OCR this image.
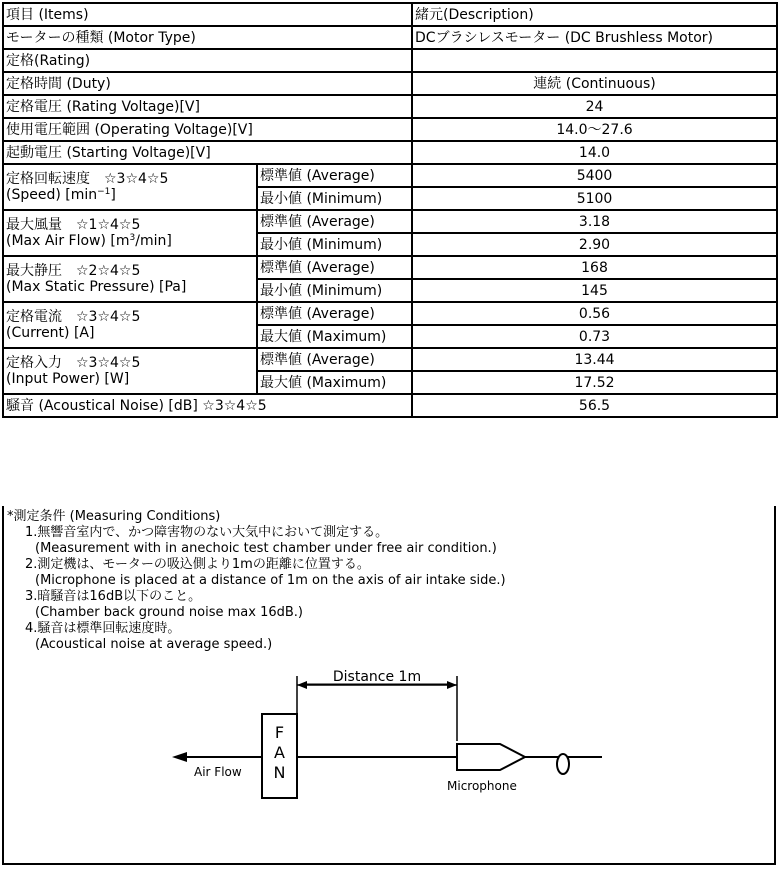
項目 (Items)		緒元(Description)
モーターの種類 (Motor Type)		DCブラシレスモーター (DC Brushless Motor)
定格(Rating)		
定格時間 (Duty)		連続 (Continuous)
定格電圧 (Rating Voltage)[V]		24
使用電圧範囲 (Operating Voltage)[V]		14.0～27.6
起動電圧 (Starting Voltage)[V]		14.0
定格回転速度　☆3☆4☆5
(Speed) $[\min^{-1}]$	標準値 (Average)	5400
	最小値 (Minimum)	5100
最大風量　☆1☆4☆5
(Max Air Flow) $[m^3/\min]$	標準値 (Average)	3.18
	最小値 (Minimum)	2.90
最大静圧　☆2☆4☆5
(Max Static Pressure) [Pa]	標準値 (Average)	168
	最小値 (Minimum)	145
定格電流　☆3☆4☆5
(Current) [A]	標準値 (Average)	0.56
	最大値 (Maximum)	0.73
定格入力　☆3☆4☆5
(Input Power) [W]	標準値 (Average)	13.44
	最大値 (Maximum)	17.52
騒音 (Acoustical Noise) [dB] ☆3☆4☆5		56.5
*測定条件 (Measuring Conditions)
1.無響音室内で、かつ障害物のない大気中において測定する。
(Measurement with in anechoic test chamber under free air condition.)
2.測定機は、モーターの吸込側より1mの距離に位置する。
(Microphone is placed at a distance of 1m on the axis of air intake side.)
3.暗騒音は16dB以下のこと。
(Chamber back ground noise max 16dB.)
4.騒音は標準回転速度時。
(Acoustical noise at average speed.)
Distance 1m
Air Flow
F
A
N
Microphone
